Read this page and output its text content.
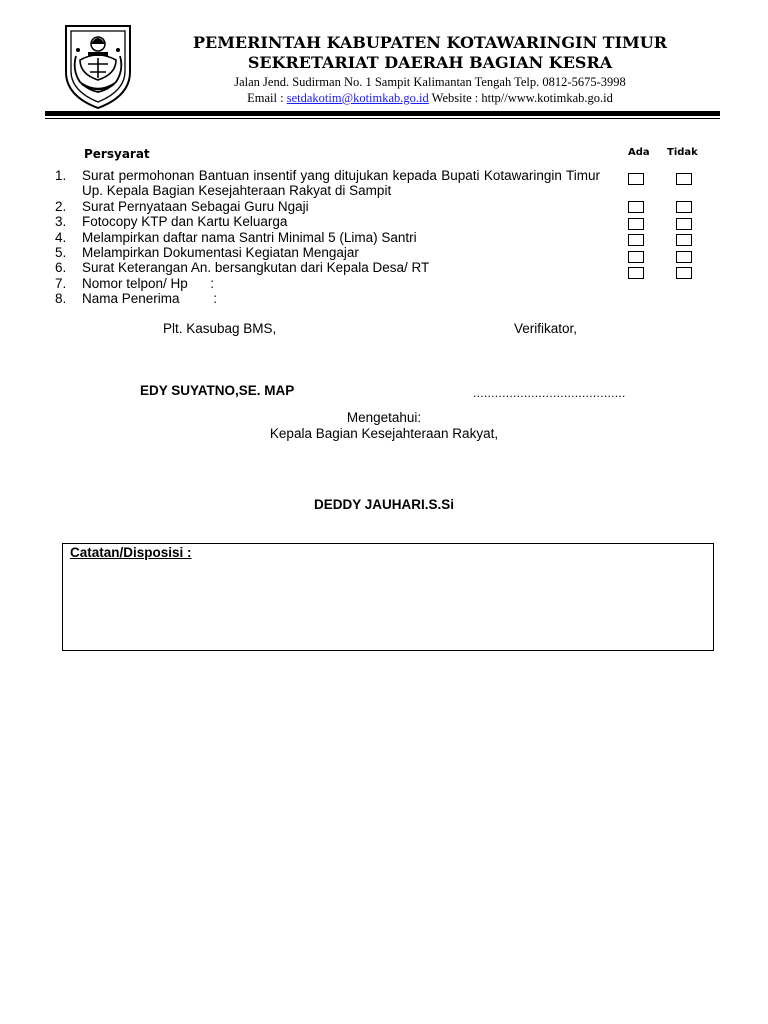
PEMERINTAH KABUPATEN KOTAWARINGIN TIMUR
SEKRETARIAT DAERAH BAGIAN KESRA
Jalan Jend. Sudirman No. 1 Sampit Kalimantan Tengah Telp. 0812-5675-3998
Email : setdakotim@kotimkab.go.id Website : http//www.kotimkab.go.id
Persyarat	Ada Tidak
1. Surat permohonan Bantuan insentif yang ditujukan kepada Bupati Kotawaringin Timur Up. Kepala Bagian Kesejahteraan Rakyat di Sampit
2. Surat Pernyataan Sebagai Guru Ngaji
3. Fotocopy KTP dan Kartu Keluarga
4. Melampirkan daftar nama Santri Minimal 5 (Lima) Santri
5. Melampirkan Dokumentasi Kegiatan Mengajar
6. Surat Keterangan An. bersangkutan dari Kepala Desa/ RT
7. Nomor telpon/ Hp      :
8. Nama Penerima         :
Plt. Kasubag BMS,	Verifikator,
EDY SUYATNO,SE. MAP	..........................................
Mengetahui:
Kepala Bagian Kesejahteraan Rakyat,
DEDDY JAUHARI.S.Si
Catatan/Disposisi :
